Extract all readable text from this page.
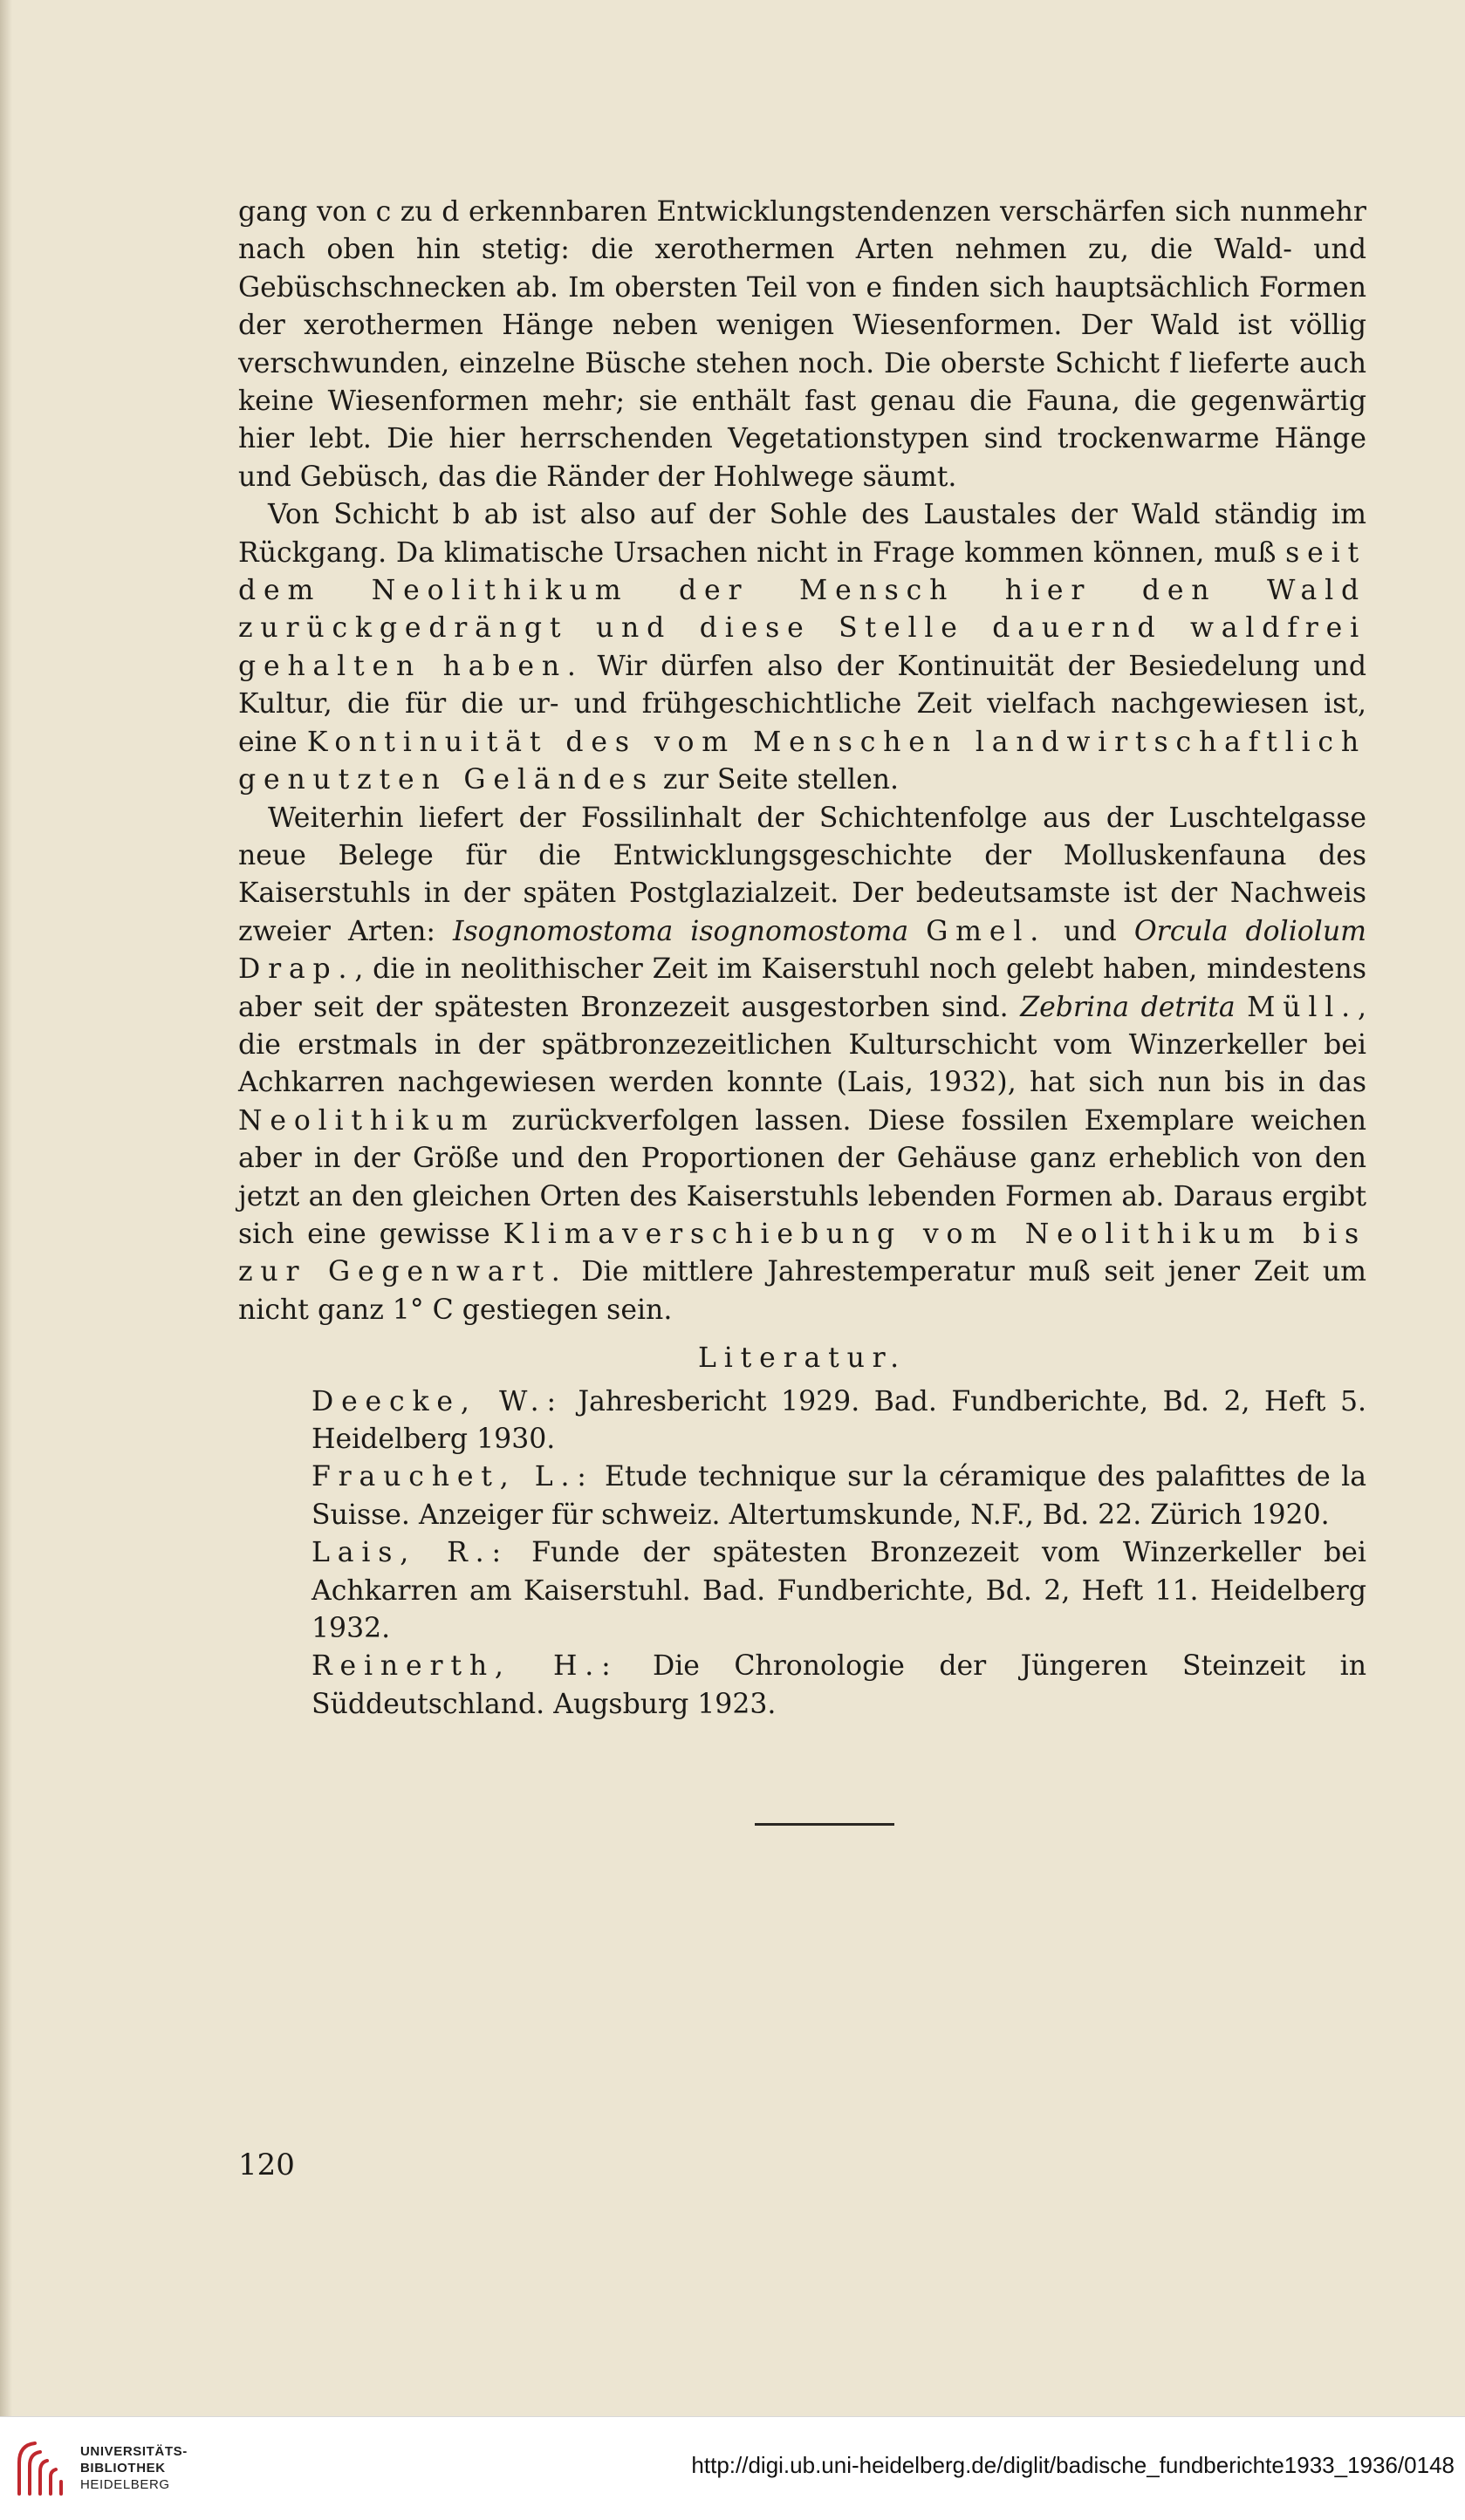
gang von c zu d erkennbaren Entwicklungstendenzen verschärfen sich nunmehr nach oben hin stetig: die xerothermen Arten nehmen zu, die Wald- und Gebüschschnecken ab. Im obersten Teil von e finden sich hauptsächlich Formen der xerothermen Hänge neben wenigen Wiesenformen. Der Wald ist völlig verschwunden, einzelne Büsche stehen noch. Die oberste Schicht f lieferte auch keine Wiesenformen mehr; sie enthält fast genau die Fauna, die gegenwärtig hier lebt. Die hier herrschenden Vegetationstypen sind trockenwarme Hänge und Gebüsch, das die Ränder der Hohlwege säumt.

Von Schicht b ab ist also auf der Sohle des Laustales der Wald ständig im Rückgang. Da klimatische Ursachen nicht in Frage kommen können, muß seit dem Neolithikum der Mensch hier den Wald zurückgedrängt und diese Stelle dauernd waldfrei gehalten haben. Wir dürfen also der Kontinuität der Besiedelung und Kultur, die für die ur- und frühgeschichtliche Zeit vielfach nachgewiesen ist, eine Kontinuität des vom Menschen landwirtschaftlich genutzten Geländes zur Seite stellen.

Weiterhin liefert der Fossilinhalt der Schichtenfolge aus der Luschtelgasse neue Belege für die Entwicklungsgeschichte der Molluskenfauna des Kaiserstuhls in der späten Postglazialzeit. Der bedeutsamste ist der Nachweis zweier Arten: Isognomostoma isognomostoma Gmel. und Orcula doliolum Drap., die in neolithischer Zeit im Kaiserstuhl noch gelebt haben, mindestens aber seit der spätesten Bronzezeit ausgestorben sind. Zebrina detrita Müll., die erstmals in der spätbronzezeitlichen Kulturschicht vom Winzerkeller bei Achkarren nachgewiesen werden konnte (Lais, 1932), hat sich nun bis in das Neolithikum zurückverfolgen lassen. Diese fossilen Exemplare weichen aber in der Größe und den Proportionen der Gehäuse ganz erheblich von den jetzt an den gleichen Orten des Kaiserstuhls lebenden Formen ab. Daraus ergibt sich eine gewisse Klimaverschiebung vom Neolithikum bis zur Gegenwart. Die mittlere Jahrestemperatur muß seit jener Zeit um nicht ganz 1° C gestiegen sein.

Literatur.

Deecke, W.: Jahresbericht 1929. Bad. Fundberichte, Bd. 2, Heft 5. Heidelberg 1930.

Frauchet, L.: Etude technique sur la céramique des palafittes de la Suisse. Anzeiger für schweiz. Altertumskunde, N.F., Bd. 22. Zürich 1920.

Lais, R.: Funde der spätesten Bronzezeit vom Winzerkeller bei Achkarren am Kaiserstuhl. Bad. Fundberichte, Bd. 2, Heft 11. Heidelberg 1932.

Reinerth, H.: Die Chronologie der Jüngeren Steinzeit in Süddeutschland. Augsburg 1923.

120
UNIVERSITÄTS-
BIBLIOTHEK
HEIDELBERG
http://digi.ub.uni-heidelberg.de/diglit/badische_fundberichte1933_1936/0148
